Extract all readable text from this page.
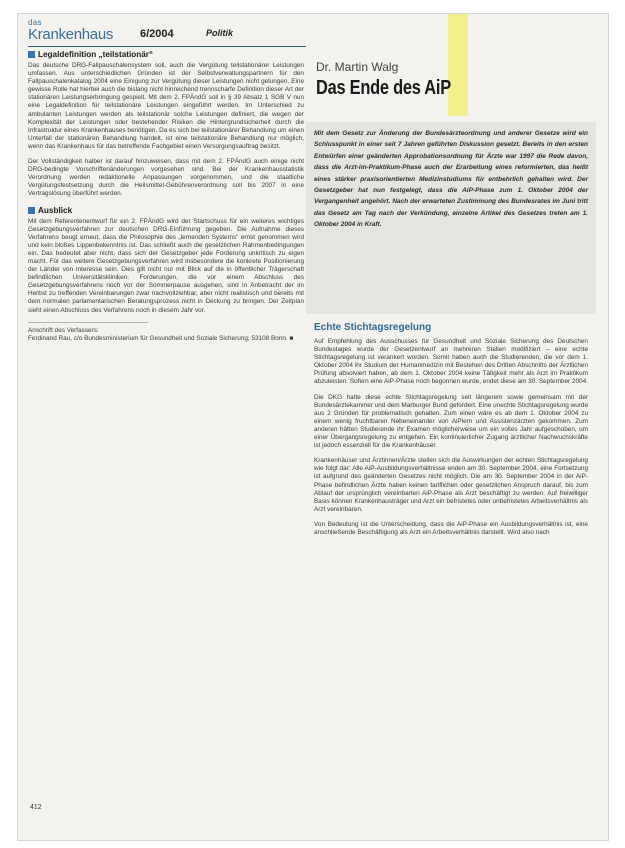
das
Krankenhaus 6/2004	Politik
Legaldefinition „teilstationär“

Das deutsche DRG-Fallpauschalensystem soll, auch die Vergütung teilstationärer Leistungen umfassen. Aus unterschiedlichen Gründen ist der Selbstverwaltungspartnern für den Fallpauschalenkatalog 2004 eine Einigung zur Vergütung dieser Leistungen nicht gelungen. Eine gewisse Rolle hat hierbei auch die bislang nicht hinreichend trennscharfe Definition dieser Art der stationären Leistungserbringung gespielt. Mit dem 2. FPÄndG soll in § 39 Absatz 1 SGB V nun eine Legaldefinition für teilstationäre Leistungen eingeführt werden. Im Unterschied zu ambulanten Leistungen werden als teilstationär solche Leistungen definiert, die wegen der Komplexität der Leistungen oder bestehender Risiken die Hintergrundsicherheit durch die Infrastruktur eines Krankenhauses benötigen. Da es sich bei teilstationärer Behandlung um einen Unterfall der stationären Behandlung handelt, ist eine teilstationäre Behandlung nur möglich, wenn das Krankenhaus für das betreffende Fachgebiet einen Versorgungsauftrag besitzt.

Der Vollständigkeit halber ist darauf hinzuweisen, dass mit dem 2. FPÄndG auch einige nicht DRG-bedingte Vorschriftenänderungen vorgesehen sind. Bei der Krankenhausstatistik Verordnung werden redaktionelle Anpassungen vorgenommen, und die staatliche Vergütungsfestsetzung durch die Heilsmittel-Gebührenverordnung soll bis 2007 in eine Vertragslösung überführt werden.

Ausblick

Mit dem Referentenentwurf für ein 2. FPÄndG wird der Startschuss für ein weiteres wichtiges Gesetzgebungsverfahren zur deutschen DRG-Einführung gegeben. Die Aufnahme dieses Verfahrens beugt erneut, dass die Philosophie des „lernenden Systems“ ernst genommen wird und kein bloßes Lippenbekenntnis ist. Das schließt auch die gesetzlichen Rahmenbedingungen ein. Das bedeutet aber nicht, dass sich der Gesetzgeber jede Forderung unkritisch zu eigen macht. Für das weitere Gesetzgebungsverfahren wird insbesondere die konkrete Positionierung der Länder von Interesse sein. Dies gilt nicht nur mit Blick auf die in öffentlicher Trägerschaft befindlichen Universitätskliniken. Forderungen, die vor einem Abschluss des Gesetzgebungsverfahrens noch vor der Sommerpause ausgehen, sind in Anbetracht der im Herbst zu treffenden Vereinbarungen zwar nachvollziehbar, aber nicht realistisch und bereits mit dem normalen parlamentarischen Beratungsprozess nicht in Deckung zu bringen. Der Zeitplan sieht einen Abschluss des Verfahrens noch in diesem Jahr vor.

Anschrift des Verfassers:
Ferdinand Rau, c/o Bundesministerium für Gesundheit und Soziale Sicherung, 53108 Bonn. ■
Dr. Martin Walg
Das Ende des AiP
Mit dem Gesetz zur Änderung der Bundesärzteordnung und anderer Gesetze wird ein Schlusspunkt in einer seit 7 Jahren geführten Diskussion gesetzt. Bereits in den ersten Entwürfen einer geänderten Approbationsordnung für Ärzte war 1997 die Rede davon, dass die Arzt-im-Praktikum-Phase auch der Erarbeitung eines reformierten, das heißt eines stärker praxisorientierten Medizinstudiums für entbehrlich gehalten wird. Der Gesetzgeber hat nun festgelegt, dass die AiP-Phase zum 1. Oktober 2004 der Vergangenheit angehört. Nach der erwarteten Zustimmung des Bundesrates im Juni tritt das Gesetz am Tag nach der Verkündung, einzelne Artikel des Gesetzes treten am 1. Oktober 2004 in Kraft.
Echte Stichtagsregelung

Auf Empfehlung des Ausschusses für Gesundheit und Soziale Sicherung des Deutschen Bundestages wurde der Gesetzentwurf an mehreren Stellen modifiziert – eine echte Stichtagsregelung ist verankert worden. Somit haben auch die Studierenden, die vor dem 1. Oktober 2004 ihr Studium der Humanmedizin mit Bestehen des Dritten Abschnitts der Ärztlichen Prüfung absolviert haben, ab dem 1. Oktober 2004 keine Tätigkeit mehr als Arzt im Praktikum abzuleisten. Sofern eine AiP-Phase noch begonnen wurde, endet diese am 30. September 2004.

Die DKG hatte diese echte Stichtagsregelung seit längerem sowie gemeinsam mit der Bundesärztekammer und dem Marburger Bund gefordert. Eine unechte Stichtagsregelung wurde aus 2 Gründen für problematisch gehalten. Zum einen wäre es ab dem 1. Oktober 2004 zu einem wenig fruchtbaren Nebeneinander von AiPlern und Assistenzärzten gekommen. Zum anderen hätten Studierende ihr Examen möglicherweise um ein volles Jahr aufgeschoben, um einer Übergangsregelung zu entgehen. Ein kontinuierlicher Zugang ärztlicher Nachwuchskräfte ist jedoch essenziell für die Krankenhäuser.

Krankenhäuser und Ärztinnen/Ärzte stellen sich die Auswirkungen der echten Stichtagsregelung wie folgt dar: Alle AiP-Ausbildungsverhältnisse enden am 30. September 2004, eine Fortsetzung ist aufgrund des geänderten Gesetzes nicht möglich. Die am 30. September 2004 in der AiP-Phase befindlichen Ärzte haben keinen tariflichen oder gesetzlichen Anspruch darauf, bis zum Ablauf der ursprünglich vereinbarten AiP-Phase als Arzt beschäftigt zu werden. Auf freiwilliger Basis können Krankenhausträger und Arzt ein befristetes oder unbefristetes Arbeitsverhältnis als Arzt vereinbaren.

Von Bedeutung ist die Unterscheidung, dass die AiP-Phase ein Ausbildungsverhältnis ist, eine anschließende Beschäftigung als Arzt ein Arbeitsverhältnis darstellt. Wird also nach

412
